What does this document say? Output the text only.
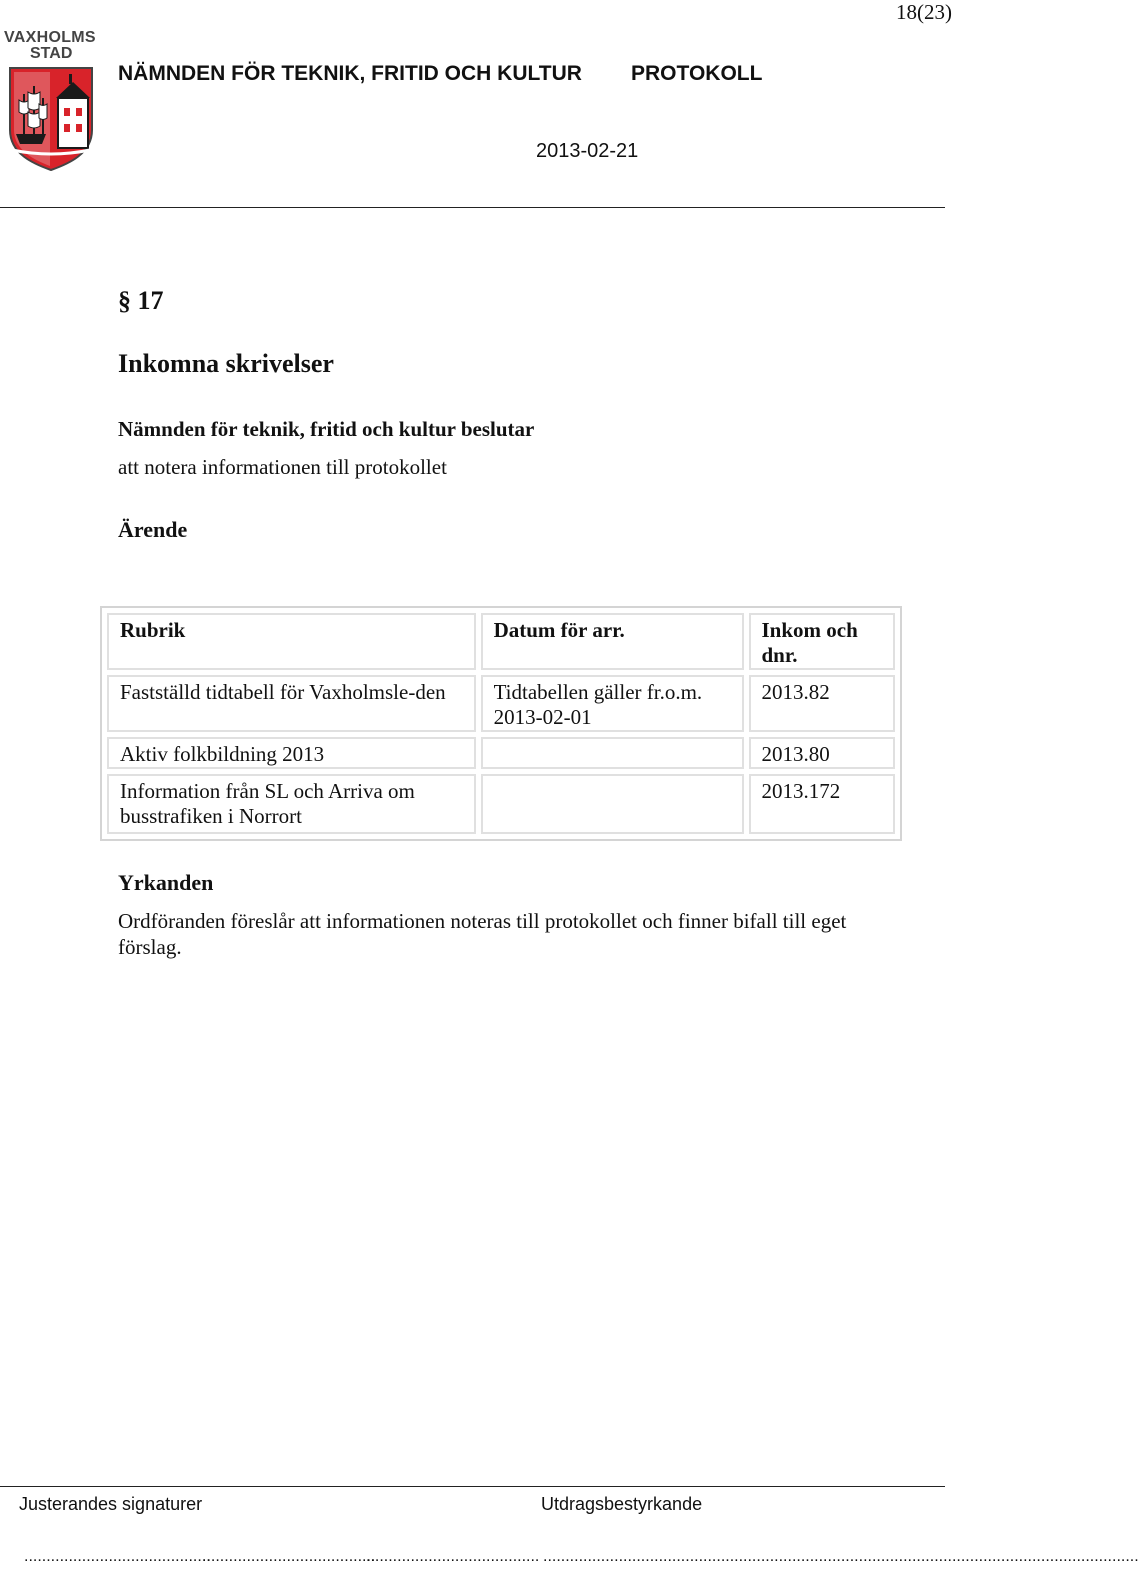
18(23)
VAXHOLMS
STAD
NÄMNDEN FÖR TEKNIK, FRITID OCH KULTUR PROTOKOLL
2013-02-21
§ 17
Inkomna skrivelser
Nämnden för teknik, fritid och kultur beslutar
att notera informationen till protokollet
Ärende
Rubrik	Datum för arr.	Inkom och dnr.
Fastställd tidtabell för Vaxholmsle-den	Tidtabellen gäller fr.o.m. 2013-02-01	2013.82
Aktiv folkbildning 2013		2013.80
Information från SL och Arriva om busstrafiken i Norrort		2013.172
Yrkanden
Ordföranden föreslår att informationen noteras till protokollet och finner bifall till eget förslag.
Justerandes signaturer	Utdragsbestyrkande
..........................................
.......................................
....................................... ......................................................................................................................................
